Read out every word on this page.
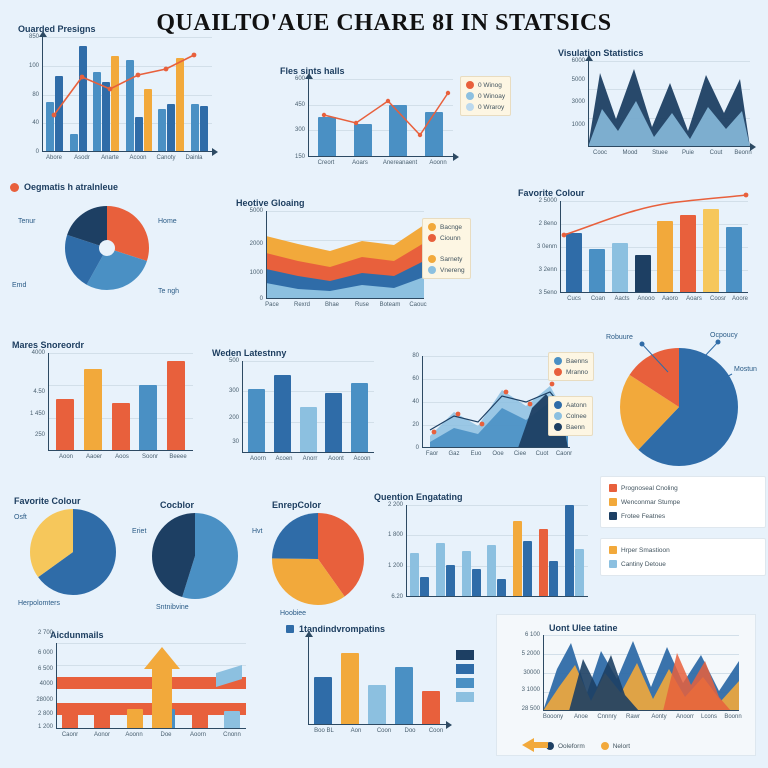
QUAILTO'AUE CHARE 8I IN STATSICS
Ouarded Presigns
850
100
80
40
0
Abore Asodr Anarte Acoon Canoty Dainla
Fles sints halls
600
450
300
150
Creort	Aoars Anereanaent Aoonn
0 Winog
0 Winoay
0 Wraroy
Visulation Statistics
6000
5000
3000
1000
Cooc	Mood Stuee Puie	Cout Beonn
Oegmatis h atralnleue
Tenur	Home
Te ngh
Emd
Heotive Gloaing
5000
2000
1000
0
Pace	Rexrd Bhae	Ruse Boteam Caouc
Bacnge
Ciounn
Sarnety
Vnereng
Favorite Colour
2 5000
2 8eno
3 0enm
3 2enn
3 5eno
Cucs Coan Aacts Anooo Aaoro Aoars Coosr Aoore
Mares Snoreordr
4000
4.50
1 450
250
Aoon Aaoer Aoos Soonr Beeee
Weden Latestnny
500
300
200
30
Aoorn Acoen Anorr Aoont Acoon
80
60
40
20
0
Faor Gaz Euo Ooe Ciee Cuot Caonr
Baenns
Mranno
Aatonn
Colnee
Baenn
Robuure	Ocpoucy
Mostun
Prognoseal Cnoling
Wenconmar Stumpe
Frotee Featnes
Hrper Smastioon
Cantiny Detoue
Favorite Colour
Osft
Herpolomters
Cocblor
Eriet
Sntnibvine
EnrepColor
Hvt
Hoobiee
Quention Engatating
2 200
1 800
1 200
6.20
Aicdunmails
2 700
6 000
6 500
4000
28000
2 800
1 200
Caonr	Aonor	Aoonn	Doe	Aoorn	Cnonn
1tandindvrompatins
Boo BL	Aon	Coon Doo Coon
Uont Ulee tatine
6 100
5 2000
30000
3 1000
28 500
Booony Anoe Cnnnry Rawr Aonty Anoorr Lcons Boonn
Ooleform	Nelort
